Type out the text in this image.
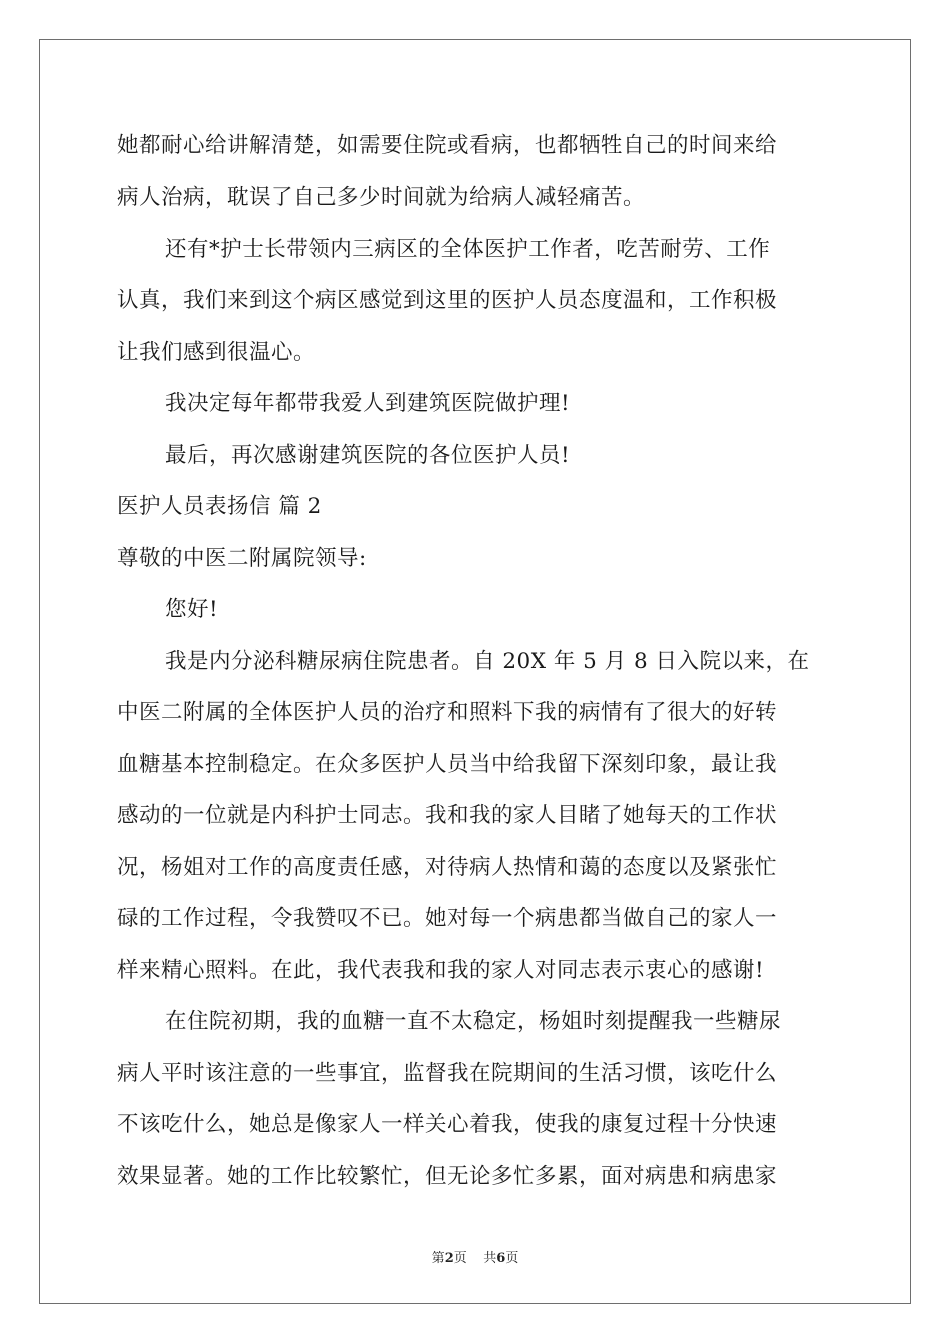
她都耐心给讲解清楚，如需要住院或看病，也都牺牲自己的时间来给
病人治病，耽误了自己多少时间就为给病人减轻痛苦。
还有*护士长带领内三病区的全体医护工作者，吃苦耐劳、工作
认真，我们来到这个病区感觉到这里的医护人员态度温和，工作积极
让我们感到很温心。
我决定每年都带我爱人到建筑医院做护理!
最后，再次感谢建筑医院的各位医护人员!
医护人员表扬信 篇 2
尊敬的中医二附属院领导:
您好!
我是内分泌科糖尿病住院患者。自 20X 年 5 月 8 日入院以来，在
中医二附属的全体医护人员的治疗和照料下我的病情有了很大的好转
血糖基本控制稳定。在众多医护人员当中给我留下深刻印象，最让我
感动的一位就是内科护士同志。我和我的家人目睹了她每天的工作状
况，杨姐对工作的高度责任感，对待病人热情和蔼的态度以及紧张忙
碌的工作过程，令我赞叹不已。她对每一个病患都当做自己的家人一
样来精心照料。在此，我代表我和我的家人对同志表示衷心的感谢!
在住院初期，我的血糖一直不太稳定，杨姐时刻提醒我一些糖尿
病人平时该注意的一些事宜，监督我在院期间的生活习惯，该吃什么
不该吃什么，她总是像家人一样关心着我，使我的康复过程十分快速
效果显著。她的工作比较繁忙，但无论多忙多累，面对病患和病患家
第2页    共6页
